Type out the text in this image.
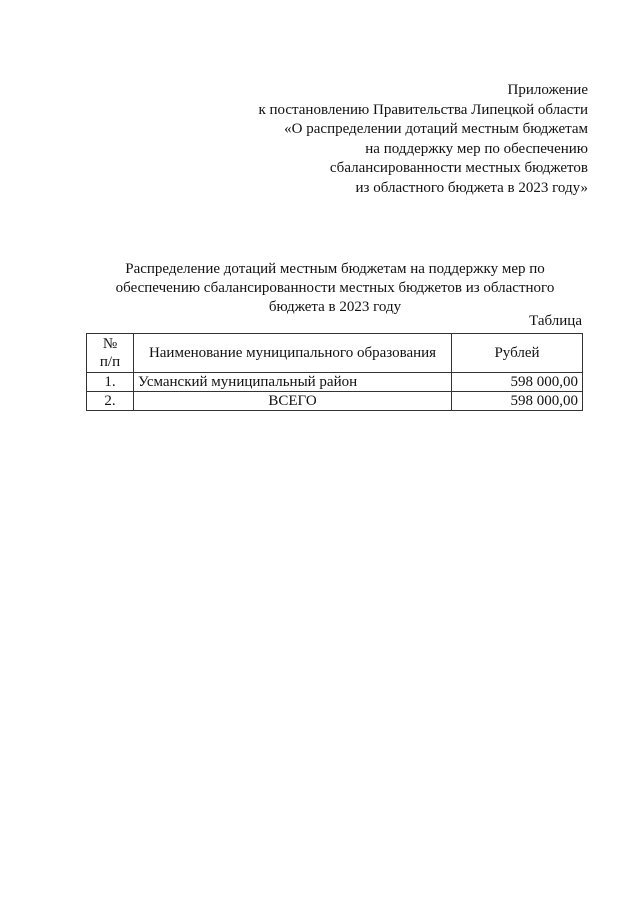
Приложение
к постановлению Правительства Липецкой области
«О распределении дотаций местным бюджетам
на поддержку мер по обеспечению
сбалансированности местных бюджетов
из областного бюджета в 2023 году»
Распределение дотаций местным бюджетам на поддержку мер по
обеспечению сбалансированности местных бюджетов из областного
бюджета в 2023 году
Таблица
№
п/п	Наименование муниципального образования	Рублей
1.	Усманский муниципальный район	598 000,00
2.	ВСЕГО	598 000,00
